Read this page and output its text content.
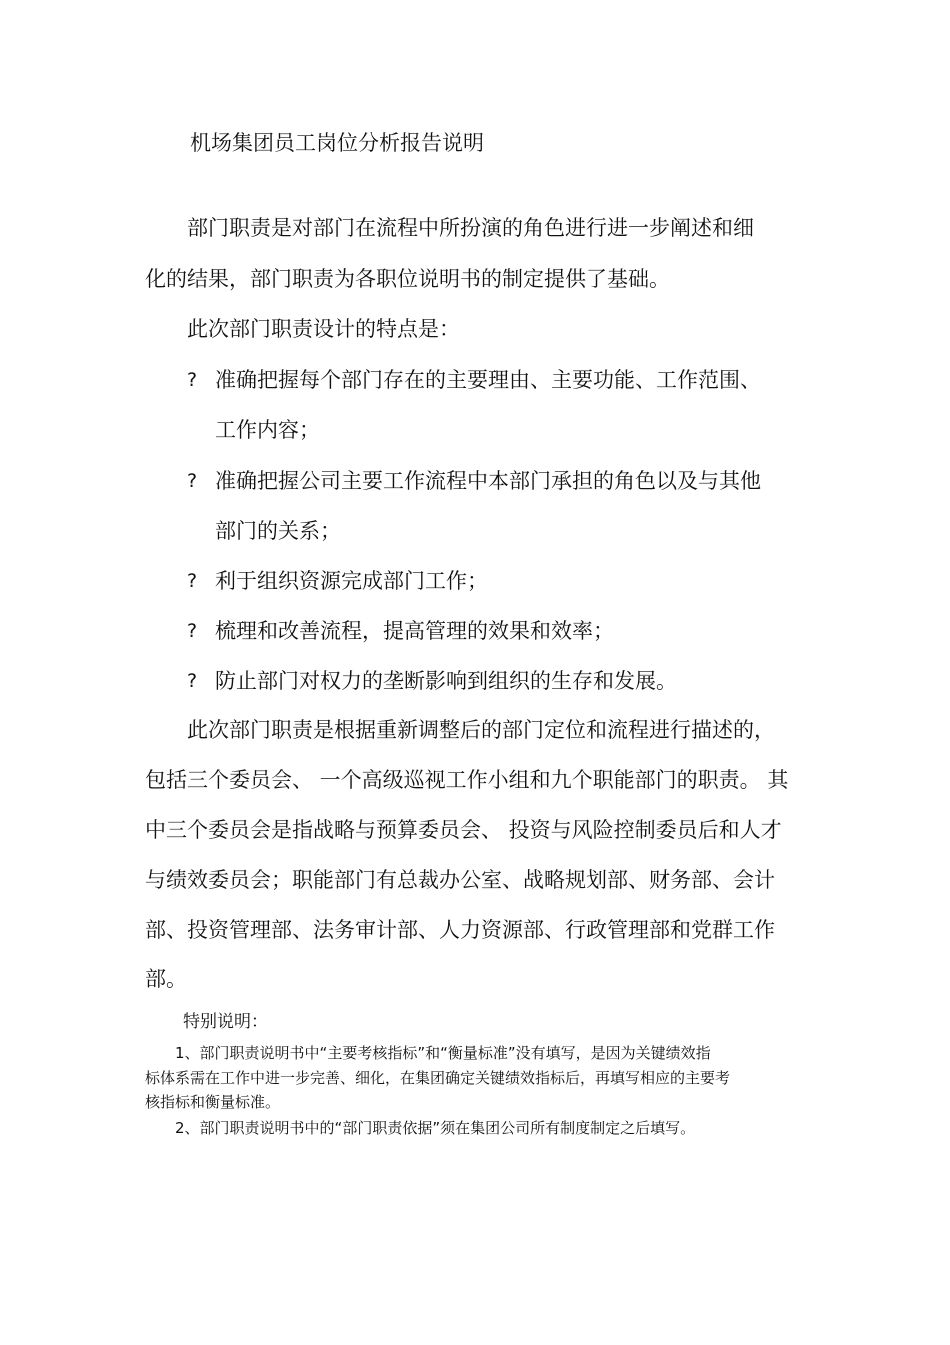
机场集团员工岗位分析报告说明
部门职责是对部门在流程中所扮演的角色进行进一步阐述和细
化的结果，部门职责为各职位说明书的制定提供了基础。
此次部门职责设计的特点是：
? 准确把握每个部门存在的主要理由、主要功能、工作范围、
工作内容；
? 准确把握公司主要工作流程中本部门承担的角色以及与其他
部门的关系；
? 利于组织资源完成部门工作；
? 梳理和改善流程，提高管理的效果和效率；
? 防止部门对权力的垄断影响到组织的生存和发展。
此次部门职责是根据重新调整后的部门定位和流程进行描述的，
包括三个委员会、 一个高级巡视工作小组和九个职能部门的职责。 其
中三个委员会是指战略与预算委员会、 投资与风险控制委员后和人才
与绩效委员会；职能部门有总裁办公室、战略规划部、财务部、会计
部、投资管理部、法务审计部、人力资源部、行政管理部和党群工作
部。
特别说明：
1、部门职责说明书中“主要考核指标”和“衡量标准”没有填写，是因为关键绩效指
标体系需在工作中进一步完善、细化，在集团确定关键绩效指标后，再填写相应的主要考
核指标和衡量标准。
2、部门职责说明书中的“部门职责依据”须在集团公司所有制度制定之后填写。
